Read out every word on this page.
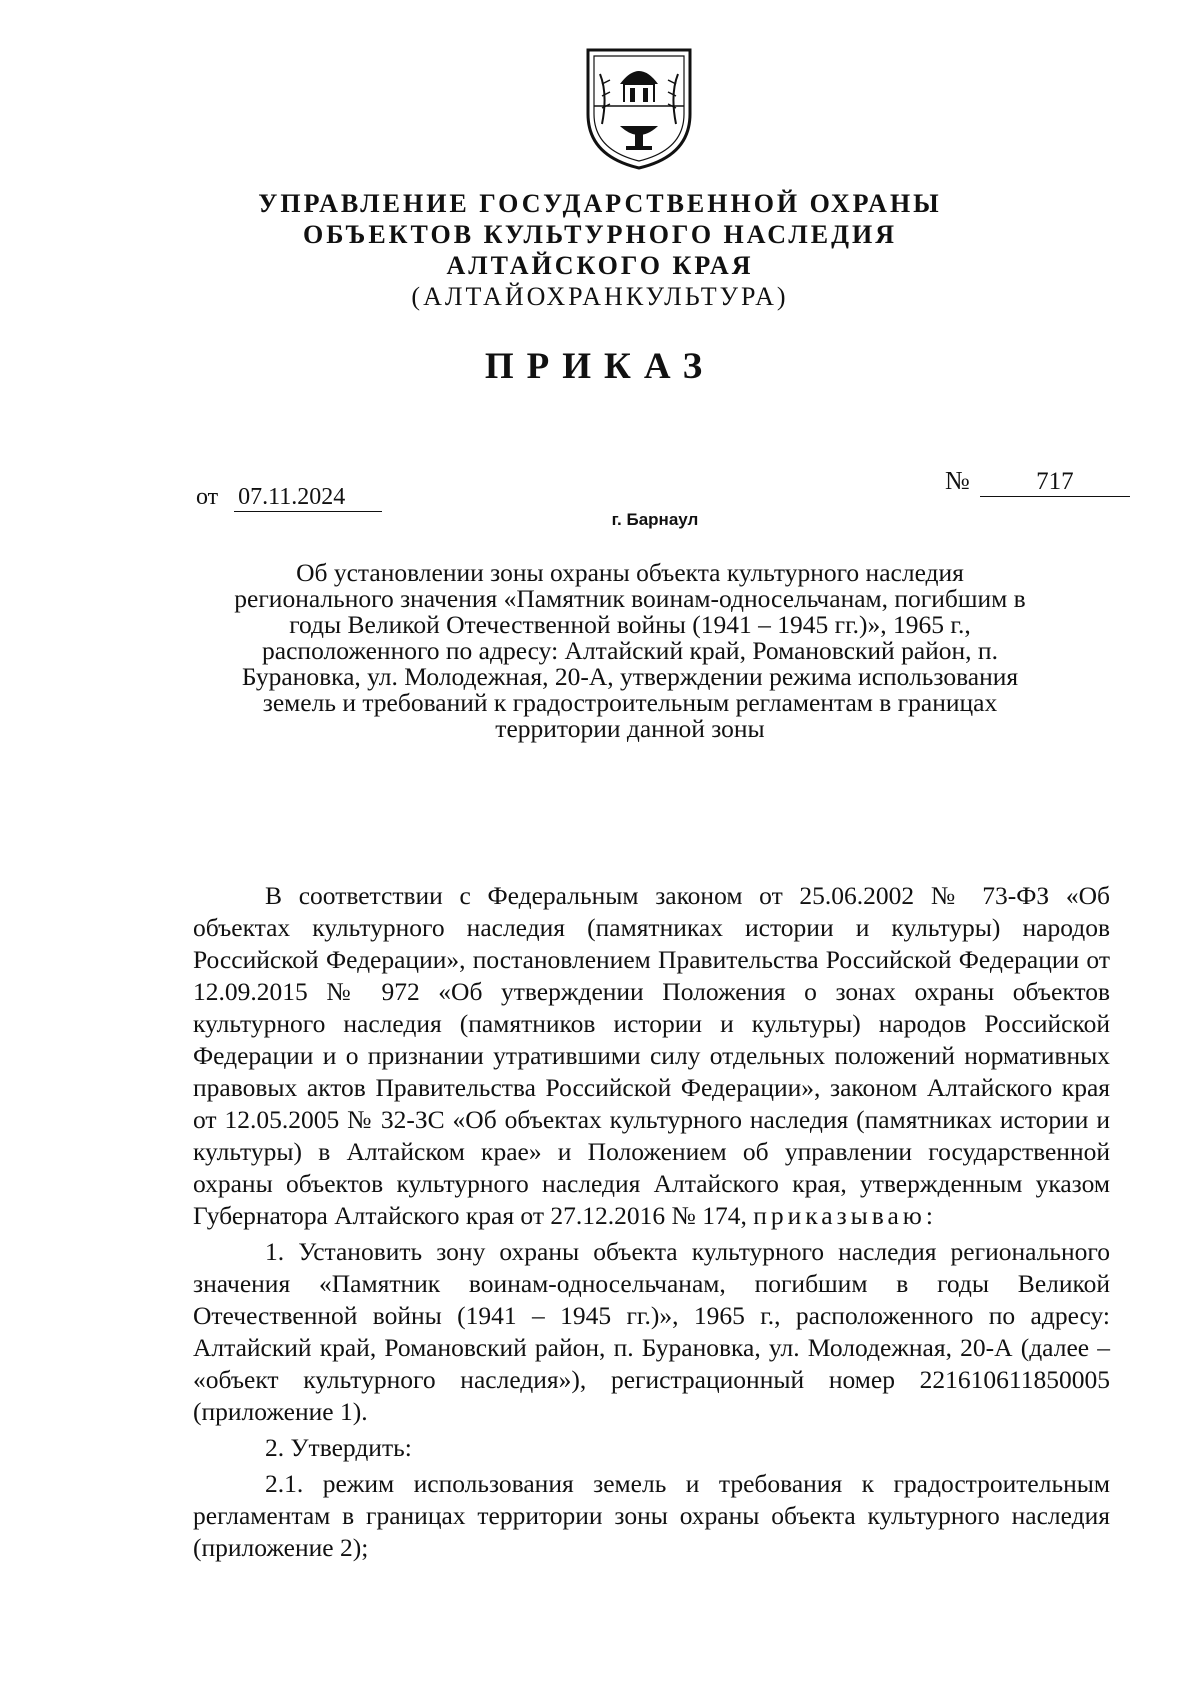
УПРАВЛЕНИЕ ГОСУДАРСТВЕННОЙ ОХРАНЫ
ОБЪЕКТОВ КУЛЬТУРНОГО НАСЛЕДИЯ
АЛТАЙСКОГО КРАЯ
(АЛТАЙОХРАНКУЛЬТУРА)
ПРИКАЗ
от 07.11.2024
№	717
г. Барнаул
Об установлении зоны охраны объекта культурного наследия регионального значения «Памятник воинам-односельчанам, погибшим в годы Великой Отечественной войны (1941 – 1945 гг.)», 1965 г., расположенного по адресу: Алтайский край, Романовский район, п. Бурановка, ул. Молодежная, 20-А, утверждении режима использования земель и требований к градостроительным регламентам в границах территории данной зоны

В соответствии с Федеральным законом от 25.06.2002 № 73-ФЗ «Об объектах культурного наследия (памятниках истории и культуры) народов Российской Федерации», постановлением Правительства Российской Федерации от 12.09.2015 № 972 «Об утверждении Положения о зонах охраны объектов культурного наследия (памятников истории и культуры) народов Российской Федерации и о признании утратившими силу отдельных положений нормативных правовых актов Правительства Российской Федерации», законом Алтайского края от 12.05.2005 № 32-ЗС «Об объектах культурного наследия (памятниках истории и культуры) в Алтайском крае» и Положением об управлении государственной охраны объектов культурного наследия Алтайского края, утвержденным указом Губернатора Алтайского края от 27.12.2016 № 174, приказываю:

1. Установить зону охраны объекта культурного наследия регионального значения «Памятник воинам-односельчанам, погибшим в годы Великой Отечественной войны (1941 – 1945 гг.)», 1965 г., расположенного по адресу: Алтайский край, Романовский район, п. Бурановка, ул. Молодежная, 20-А (далее – «объект культурного наследия»), регистрационный номер 221610611850005 (приложение 1).

2. Утвердить:

2.1. режим использования земель и требования к градостроительным регламентам в границах территории зоны охраны объекта культурного наследия (приложение 2);
